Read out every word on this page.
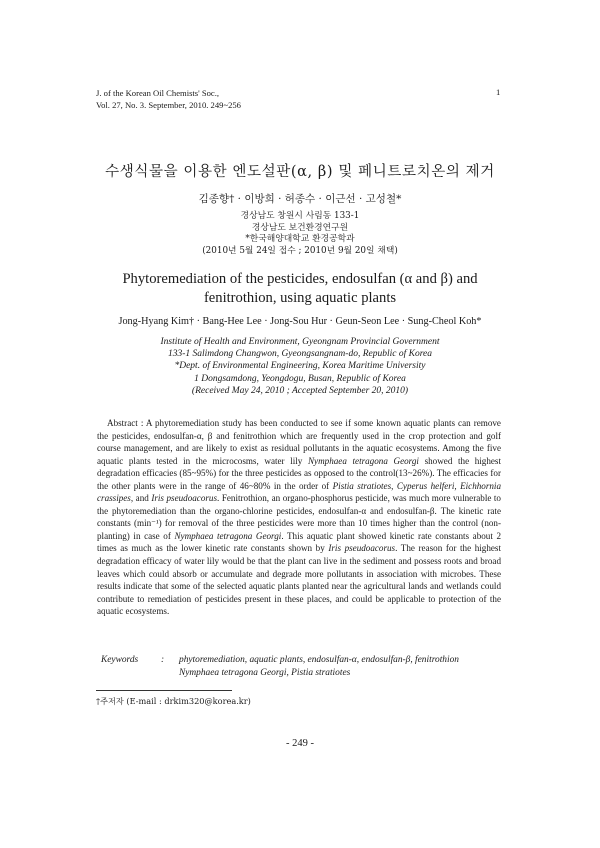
J. of the Korean Oil Chemists' Soc.,
Vol. 27, No. 3. September, 2010. 249~256
1
수생식물을 이용한 엔도설판(α, β) 및 페니트로치온의 제거
김종향† · 이방희 · 허종수 · 이근선 · 고성철*
경상남도 창원시 사림동 133-1
경상남도 보건환경연구원
*한국해양대학교 환경공학과
(2010년 5월 24일 접수 ; 2010년 9월 20일 채택)
Phytoremediation of the pesticides, endosulfan (α and β) and
fenitrothion, using aquatic plants
Jong-Hyang Kim† · Bang-Hee Lee · Jong-Sou Hur · Geun-Seon Lee · Sung-Cheol Koh*
Institute of Health and Environment, Gyeongnam Provincial Government
133-1 Salimdong Changwon, Gyeongsangnam-do, Republic of Korea
*Dept. of Environmental Engineering, Korea Maritime University
1 Dongsamdong, Yeongdogu, Busan, Republic of Korea
(Received May 24, 2010 ; Accepted September 20, 2010)
Abstract : A phytoremediation study has been conducted to see if some known aquatic plants can remove the pesticides, endosulfan-α, β and fenitrothion which are frequently used in the crop protection and golf course management, and are likely to exist as residual pollutants in the aquatic ecosystems. Among the five aquatic plants tested in the microcosms, water lily Nymphaea tetragona Georgi showed the highest degradation efficacies (85~95%) for the three pesticides as opposed to the control(13~26%). The efficacies for the other plants were in the range of 46~80% in the order of Pistia stratiotes, Cyperus helferi, Eichhornia crassipes, and Iris pseudoacorus. Fenitrothion, an organo-phosphorus pesticide, was much more vulnerable to the phytoremediation than the organo-chlorine pesticides, endosulfan-α and endosulfan-β. The kinetic rate constants (min⁻¹) for removal of the three pesticides were more than 10 times higher than the control (non-planting) in case of Nymphaea tetragona Georgi. This aquatic plant showed kinetic rate constants about 2 times as much as the lower kinetic rate constants shown by Iris pseudoacorus. The reason for the highest degradation efficacy of water lily would be that the plant can live in the sediment and possess roots and broad leaves which could absorb or accumulate and degrade more pollutants in association with microbes. These results indicate that some of the selected aquatic plants planted near the agricultural lands and wetlands could contribute to remediation of pesticides present in these places, and could be applicable to protection of the aquatic ecosystems.
Keywords : phytoremediation, aquatic plants, endosulfan-α, endosulfan-β, fenitrothion
Nymphaea tetragona Georgi, Pistia stratiotes
†주저자 (E-mail : drkim320@korea.kr)
- 249 -
